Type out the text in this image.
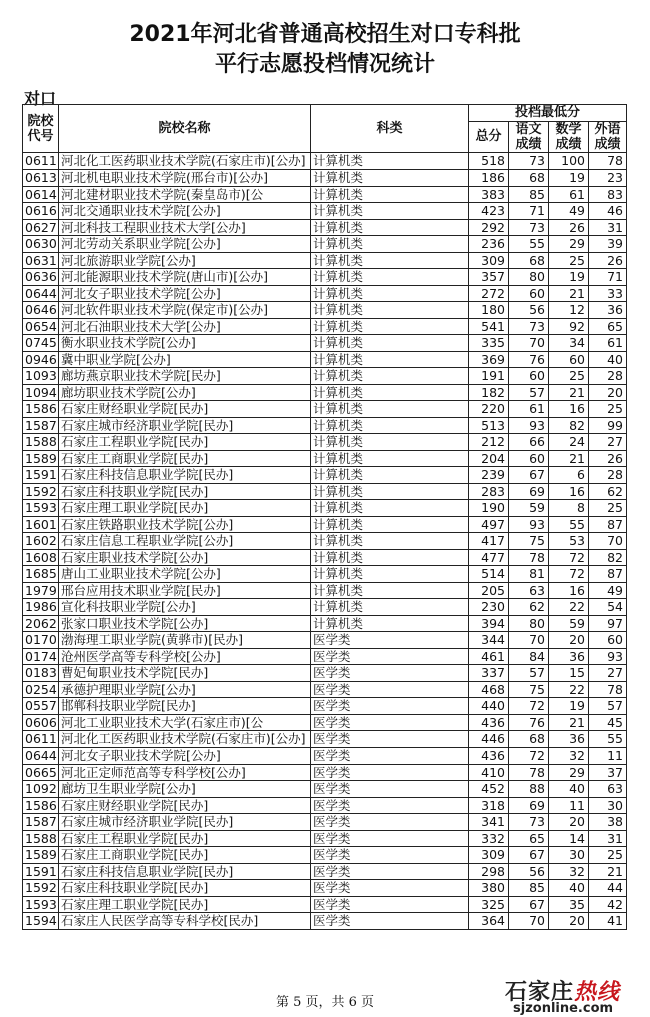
2021年河北省普通高校招生对口专科批
平行志愿投档情况统计
对口
院校代号	院校名称	科类	投档最低分			
			总分	语文成绩	数学成绩	外语成绩
0611	河北化工医药职业技术学院(石家庄市)[公办]	计算机类	518	73	100	78
0613	河北机电职业技术学院(邢台市)[公办]	计算机类	186	68	19	23
0614	河北建材职业技术学院(秦皇岛市)[公	计算机类	383	85	61	83
0616	河北交通职业技术学院[公办]	计算机类	423	71	49	46
0627	河北科技工程职业技术大学[公办]	计算机类	292	73	26	31
0630	河北劳动关系职业学院[公办]	计算机类	236	55	29	39
0631	河北旅游职业学院[公办]	计算机类	309	68	25	26
0636	河北能源职业技术学院(唐山市)[公办]	计算机类	357	80	19	71
0644	河北女子职业技术学院[公办]	计算机类	272	60	21	33
0646	河北软件职业技术学院(保定市)[公办]	计算机类	180	56	12	36
0654	河北石油职业技术大学[公办]	计算机类	541	73	92	65
0745	衡水职业技术学院[公办]	计算机类	335	70	34	61
0946	冀中职业学院[公办]	计算机类	369	76	60	40
1093	廊坊燕京职业技术学院[民办]	计算机类	191	60	25	28
1094	廊坊职业技术学院[公办]	计算机类	182	57	21	20
1586	石家庄财经职业学院[民办]	计算机类	220	61	16	25
1587	石家庄城市经济职业学院[民办]	计算机类	513	93	82	99
1588	石家庄工程职业学院[民办]	计算机类	212	66	24	27
1589	石家庄工商职业学院[民办]	计算机类	204	60	21	26
1591	石家庄科技信息职业学院[民办]	计算机类	239	67	6	28
1592	石家庄科技职业学院[民办]	计算机类	283	69	16	62
1593	石家庄理工职业学院[民办]	计算机类	190	59	8	25
1601	石家庄铁路职业技术学院[公办]	计算机类	497	93	55	87
1602	石家庄信息工程职业学院[公办]	计算机类	417	75	53	70
1608	石家庄职业技术学院[公办]	计算机类	477	78	72	82
1685	唐山工业职业技术学院[公办]	计算机类	514	81	72	87
1979	邢台应用技术职业学院[民办]	计算机类	205	63	16	49
1986	宣化科技职业学院[公办]	计算机类	230	62	22	54
2062	张家口职业技术学院[公办]	计算机类	394	80	59	97
0170	渤海理工职业学院(黄骅市)[民办]	医学类	344	70	20	60
0174	沧州医学高等专科学校[公办]	医学类	461	84	36	93
0183	曹妃甸职业技术学院[民办]	医学类	337	57	15	27
0254	承德护理职业学院[公办]	医学类	468	75	22	78
0557	邯郸科技职业学院[民办]	医学类	440	72	19	57
0606	河北工业职业技术大学(石家庄市)[公	医学类	436	76	21	45
0611	河北化工医药职业技术学院(石家庄市)[公办]	医学类	446	68	36	55
0644	河北女子职业技术学院[公办]	医学类	436	72	32	11
0665	河北正定师范高等专科学校[公办]	医学类	410	78	29	37
1092	廊坊卫生职业学院[公办]	医学类	452	88	40	63
1586	石家庄财经职业学院[民办]	医学类	318	69	11	30
1587	石家庄城市经济职业学院[民办]	医学类	341	73	20	38
1588	石家庄工程职业学院[民办]	医学类	332	65	14	31
1589	石家庄工商职业学院[民办]	医学类	309	67	30	25
1591	石家庄科技信息职业学院[民办]	医学类	298	56	32	21
1592	石家庄科技职业学院[民办]	医学类	380	85	40	44
1593	石家庄理工职业学院[民办]	医学类	325	67	35	42
1594	石家庄人民医学高等专科学校[民办]	医学类	364	70	20	41
第 5 页，共 6 页	石家庄热线
sjzonline.com
